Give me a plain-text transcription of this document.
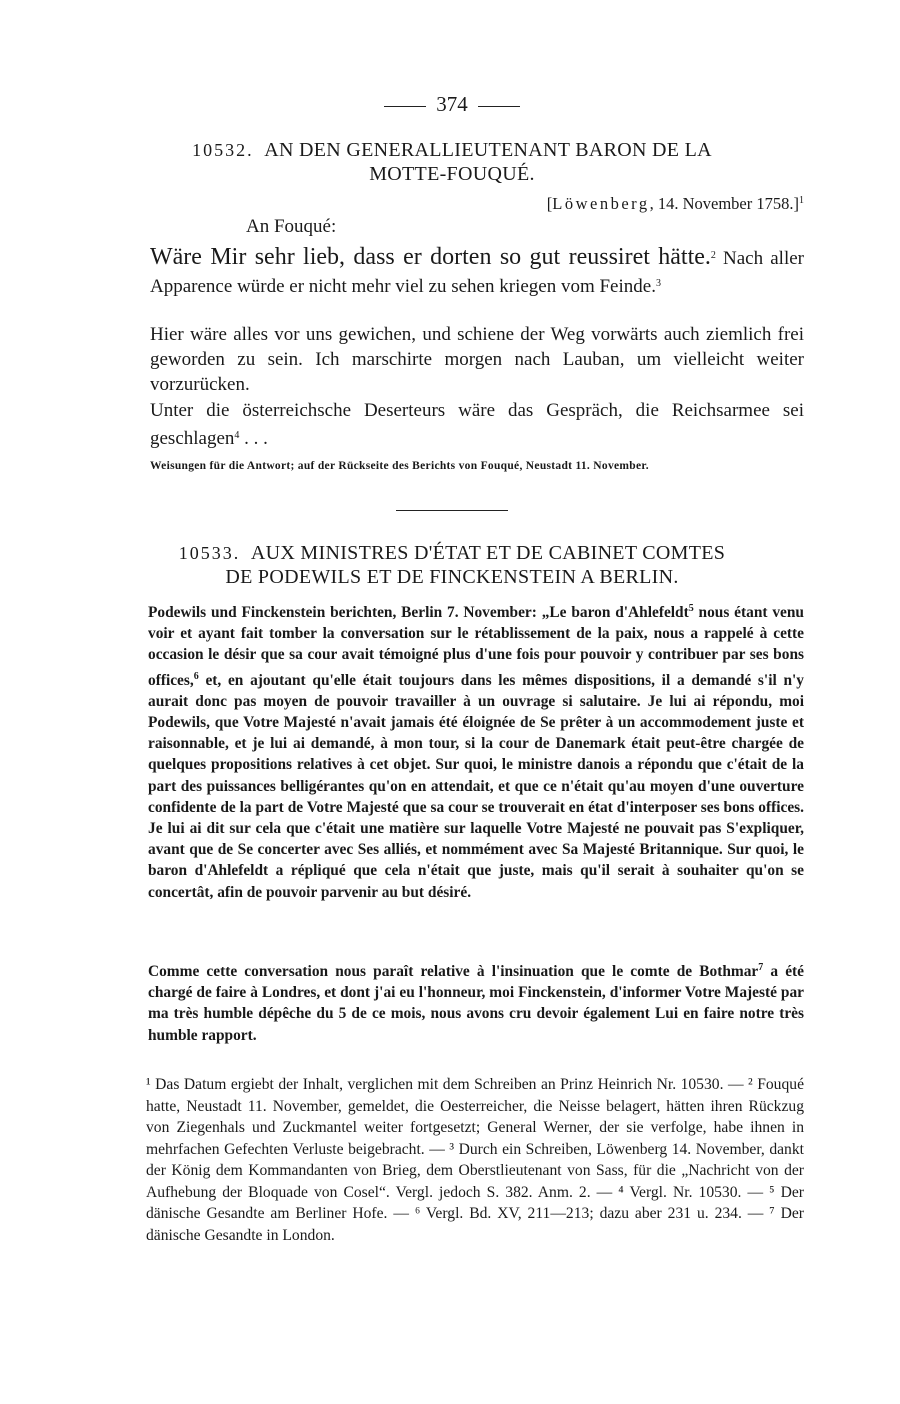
374
10532. AN DEN GENERALLIEUTENANT BARON DE LA
MOTTE-FOUQUÉ.
[Löwenberg, 14. November 1758.]$^1$
An Fouqué:
Wäre Mir sehr lieb, dass er dorten so gut reussiret hätte.$^2$ Nach aller Apparence würde er nicht mehr viel zu sehen kriegen vom Feinde.$^3$
Hier wäre alles vor uns gewichen, und schiene der Weg vorwärts auch ziemlich frei geworden zu sein. Ich marschirte morgen nach Lauban, um vielleicht weiter vorzurücken.
Unter die österreichsche Deserteurs wäre das Gespräch, die Reichsarmee sei geschlagen$^4$ . . .
Weisungen für die Antwort; auf der Rückseite des Berichts von Fouqué, Neustadt 11. November.
10533. AUX MINISTRES D'ÉTAT ET DE CABINET COMTES
DE PODEWILS ET DE FINCKENSTEIN A BERLIN.
Podewils und Finckenstein berichten, Berlin 7. November: „Le baron d'Ahlefeldt$^5$ nous étant venu voir et ayant fait tomber la conversation sur le rétablissement de la paix, nous a rappelé à cette occasion le désir que sa cour avait témoigné plus d'une fois pour pouvoir y contribuer par ses bons offices,$^6$ et, en ajoutant qu'elle était toujours dans les mêmes dispositions, il a demandé s'il n'y aurait donc pas moyen de pouvoir travailler à un ouvrage si salutaire. Je lui ai répondu, moi Podewils, que Votre Majesté n'avait jamais été éloignée de Se prêter à un accommodement juste et raisonnable, et je lui ai demandé, à mon tour, si la cour de Danemark était peut-être chargée de quelques propositions relatives à cet objet. Sur quoi, le ministre danois a répondu que c'était de la part des puissances belligérantes qu'on en attendait, et que ce n'était qu'au moyen d'une ouverture confidente de la part de Votre Majesté que sa cour se trouverait en état d'interposer ses bons offices. Je lui ai dit sur cela que c'était une matière sur laquelle Votre Majesté ne pouvait pas S'expliquer, avant que de Se concerter avec Ses alliés, et nommément avec Sa Majesté Britannique. Sur quoi, le baron d'Ahlefeldt a répliqué que cela n'était que juste, mais qu'il serait à souhaiter qu'on se concertât, afin de pouvoir parvenir au but désiré.
Comme cette conversation nous paraît relative à l'insinuation que le comte de Bothmar$^7$ a été chargé de faire à Londres, et dont j'ai eu l'honneur, moi Finckenstein, d'informer Votre Majesté par ma très humble dépêche du 5 de ce mois, nous avons cru devoir également Lui en faire notre très humble rapport.
¹ Das Datum ergiebt der Inhalt, verglichen mit dem Schreiben an Prinz Heinrich Nr. 10530. — ² Fouqué hatte, Neustadt 11. November, gemeldet, die Oesterreicher, die Neisse belagert, hätten ihren Rückzug von Ziegenhals und Zuckmantel weiter fortgesetzt; General Werner, der sie verfolge, habe ihnen in mehrfachen Gefechten Verluste beigebracht. — ³ Durch ein Schreiben, Löwenberg 14. November, dankt der König dem Kommandanten von Brieg, dem Oberstlieutenant von Sass, für die „Nachricht von der Aufhebung der Bloquade von Cosel“. Vergl. jedoch S. 382. Anm. 2. — ⁴ Vergl. Nr. 10530. — ⁵ Der dänische Gesandte am Berliner Hofe. — ⁶ Vergl. Bd. XV, 211—213; dazu aber 231 u. 234. — ⁷ Der dänische Gesandte in London.
